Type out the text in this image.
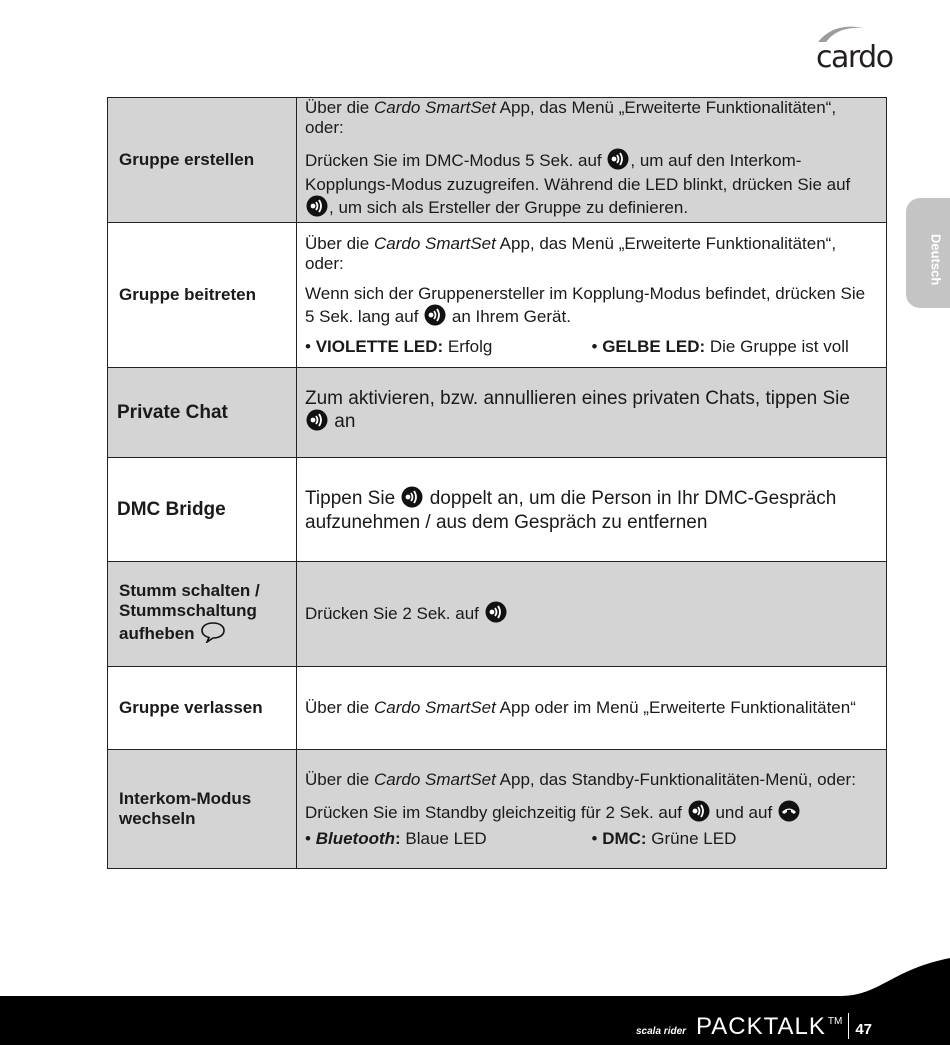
cardo
Deutsch
Gruppe erstellen	Über die Cardo SmartSet App, das Menü „Erweiterte Funktionalitäten“, oder:

Drücken Sie im DMC-Modus 5 Sek. auf , um auf den Interkom-Kopplungs-Modus zuzugreifen. Während die LED blinkt, drücken Sie auf , um sich als Ersteller der Gruppe zu definieren.

Gruppe beitreten	Über die Cardo SmartSet App, das Menü „Erweiterte Funktionalitäten“, oder:

Wenn sich der Gruppenersteller im Kopplung-Modus befindet, drücken Sie 5 Sek. lang auf  an Ihrem Gerät.

• VIOLETTE LED: Erfolg • GELBE LED: Die Gruppe ist voll

Private Chat	Zum aktivieren, bzw. annullieren eines privaten Chats, tippen Sie  an
DMC Bridge	Tippen Sie  doppelt an, um die Person in Ihr DMC-Gespräch aufzunehmen / aus dem Gespräch zu entfernen
Stumm schalten / Stummschaltung aufheben	Drücken Sie 2 Sek. auf
Gruppe verlassen	Über die Cardo SmartSet App oder im Menü „Erweiterte Funktionalitäten“
Interkom-Modus wechseln	Über die Cardo SmartSet App, das Standby-Funktionalitäten-Menü, oder:

Drücken Sie im Standby gleichzeitig für 2 Sek. auf  und auf

• Bluetooth: Blaue LED • DMC: Grüne LED
scala rider PACKTALK TM 47
